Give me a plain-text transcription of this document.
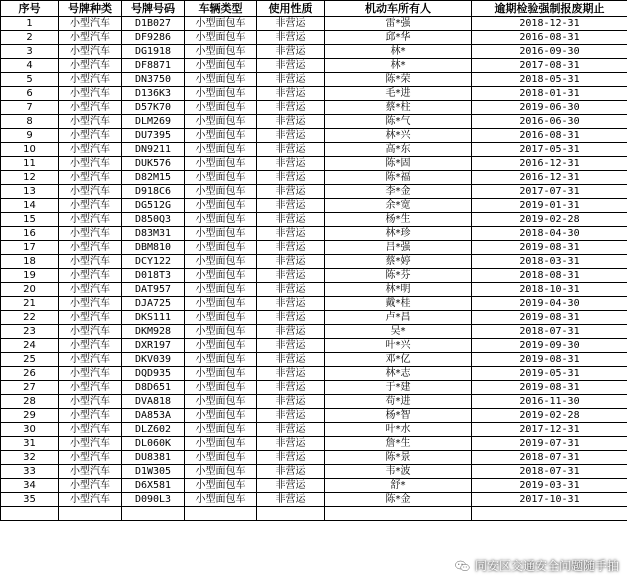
序号	号牌种类	号牌号码	车辆类型	使用性质	机动车所有人	逾期检验强制报废期止
1	小型汽车	D1B027	小型面包车	非营运	雷*强	2018-12-31
2	小型汽车	DF9286	小型面包车	非营运	邱*华	2016-08-31
3	小型汽车	DG1918	小型面包车	非营运	林*	2016-09-30
4	小型汽车	DF8871	小型面包车	非营运	林*	2017-08-31
5	小型汽车	DN3750	小型面包车	非营运	陈*荣	2018-05-31
6	小型汽车	D136K3	小型面包车	非营运	毛*进	2018-01-31
7	小型汽车	D57K70	小型面包车	非营运	蔡*柱	2019-06-30
8	小型汽车	DLM269	小型面包车	非营运	陈*气	2016-06-30
9	小型汽车	DU7395	小型面包车	非营运	林*兴	2016-08-31
10	小型汽车	DN9211	小型面包车	非营运	高*东	2017-05-31
11	小型汽车	DUK576	小型面包车	非营运	陈*固	2016-12-31
12	小型汽车	D82M15	小型面包车	非营运	陈*福	2016-12-31
13	小型汽车	D918C6	小型面包车	非营运	李*金	2017-07-31
14	小型汽车	DG512G	小型面包车	非营运	余*宽	2019-01-31
15	小型汽车	D850Q3	小型面包车	非营运	杨*生	2019-02-28
16	小型汽车	D83M31	小型面包车	非营运	林*珍	2018-04-30
17	小型汽车	DBM810	小型面包车	非营运	吕*强	2019-08-31
18	小型汽车	DCY122	小型面包车	非营运	蔡*婷	2018-03-31
19	小型汽车	D018T3	小型面包车	非营运	陈*芬	2018-08-31
20	小型汽车	DAT957	小型面包车	非营运	林*明	2018-10-31
21	小型汽车	DJA725	小型面包车	非营运	戴*桂	2019-04-30
22	小型汽车	DKS111	小型面包车	非营运	卢*昌	2019-08-31
23	小型汽车	DKM928	小型面包车	非营运	吴*	2018-07-31
24	小型汽车	DXR197	小型面包车	非营运	叶*兴	2019-09-30
25	小型汽车	DKV039	小型面包车	非营运	邓*亿	2019-08-31
26	小型汽车	DQD935	小型面包车	非营运	林*志	2019-05-31
27	小型汽车	D8D651	小型面包车	非营运	于*建	2019-08-31
28	小型汽车	DVA818	小型面包车	非营运	苟*进	2016-11-30
29	小型汽车	DA853A	小型面包车	非营运	杨*智	2019-02-28
30	小型汽车	DLZ602	小型面包车	非营运	叶*水	2017-12-31
31	小型汽车	DL060K	小型面包车	非营运	詹*生	2019-07-31
32	小型汽车	DU8381	小型面包车	非营运	陈*景	2018-07-31
33	小型汽车	D1W305	小型面包车	非营运	韦*波	2018-07-31
34	小型汽车	D6X581	小型面包车	非营运	舒*	2019-03-31
35	小型汽车	D090L3	小型面包车	非营运	陈*金	2017-10-31

同安区交通安全问题随手拍
